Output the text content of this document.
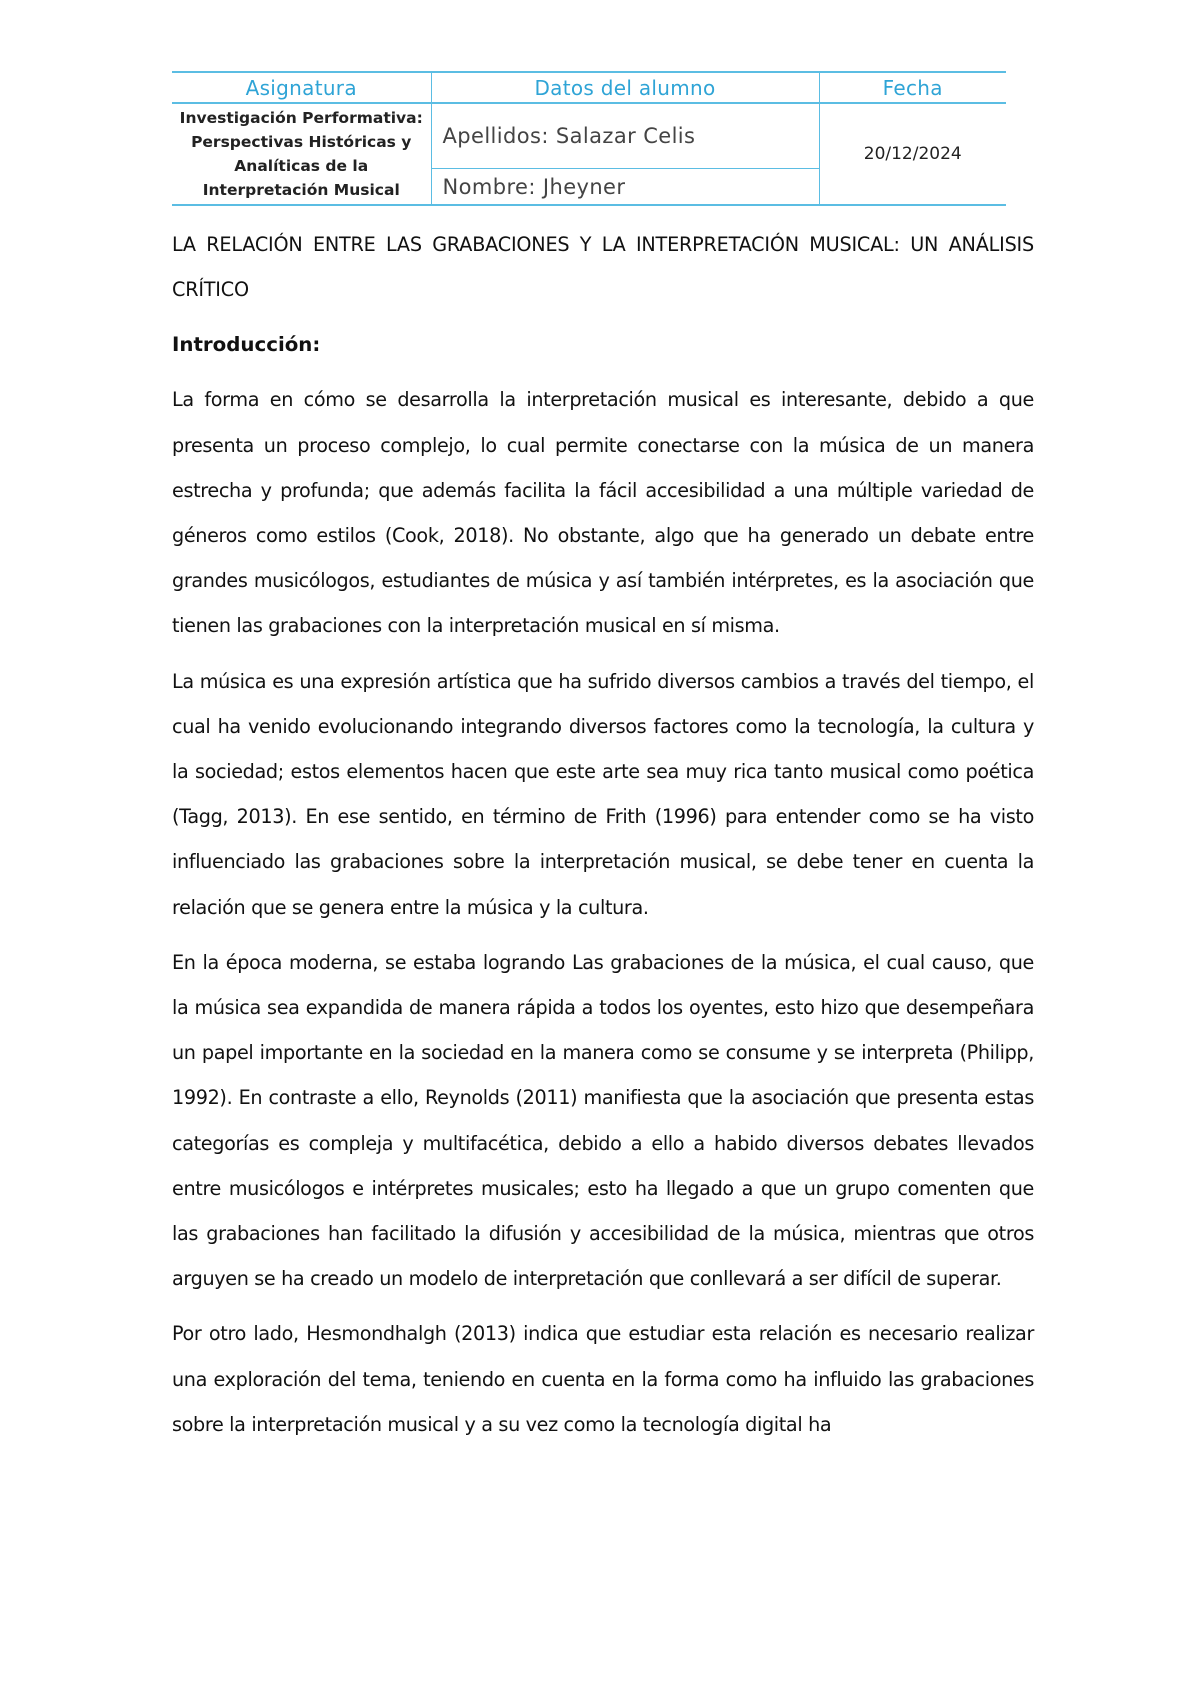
Asignatura	Datos del alumno	Fecha

Investigación Performativa:
Perspectivas Históricas y
Analíticas de la
Interpretación Musical	Apellidos: Salazar Celis	20/12/2024
	Nombre: Jheyner	
LA RELACIÓN ENTRE LAS GRABACIONES Y LA INTERPRETACIÓN MUSICAL: UN ANÁLISIS CRÍTICO
Introducción:

La forma en cómo se desarrolla la interpretación musical es interesante, debido a que presenta un proceso complejo, lo cual permite conectarse con la música de un manera estrecha y profunda; que además facilita la fácil accesibilidad a una múltiple variedad de géneros como estilos (Cook, 2018). No obstante, algo que ha generado un debate entre grandes musicólogos, estudiantes de música y así también intérpretes, es la asociación que tienen las grabaciones con la interpretación musical en sí misma.

La música es una expresión artística que ha sufrido diversos cambios a través del tiempo, el cual ha venido evolucionando integrando diversos factores como la tecnología, la cultura y la sociedad; estos elementos hacen que este arte sea muy rica tanto musical como poética (Tagg, 2013). En ese sentido, en término de Frith (1996) para entender como se ha visto influenciado las grabaciones sobre la interpretación musical, se debe tener en cuenta la relación que se genera entre la música y la cultura.

En la época moderna, se estaba logrando Las grabaciones de la música, el cual causo, que la música sea expandida de manera rápida a todos los oyentes, esto hizo que desempeñara un papel importante en la sociedad en la manera como se consume y se interpreta (Philipp, 1992). En contraste a ello, Reynolds (2011) manifiesta que la asociación que presenta estas categorías es compleja y multifacética, debido a ello a habido diversos debates llevados entre musicólogos e intérpretes musicales; esto ha llegado a que un grupo comenten que las grabaciones han facilitado la difusión y accesibilidad de la música, mientras que otros arguyen se ha creado un modelo de interpretación que conllevará a ser difícil de superar.

Por otro lado, Hesmondhalgh (2013) indica que estudiar esta relación es necesario realizar una exploración del tema, teniendo en cuenta en la forma como ha influido las grabaciones sobre la interpretación musical y a su vez como la tecnología digital ha
